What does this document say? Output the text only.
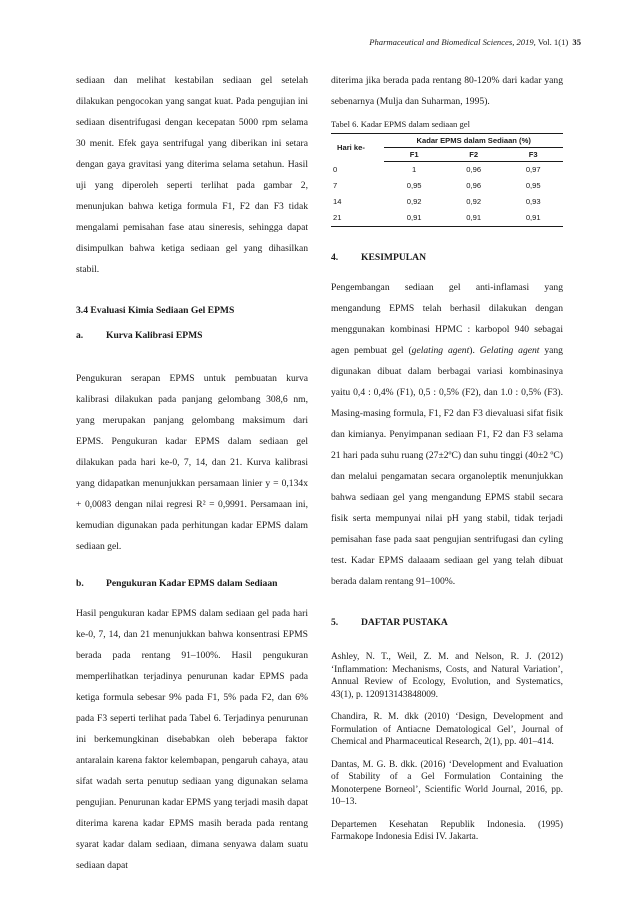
Pharmaceutical and Biomedical Sciences, 2019, Vol. 1(1) 35

sediaan dan melihat kestabilan sediaan gel setelah dilakukan pengocokan yang sangat kuat. Pada pengujian ini sediaan disentrifugasi dengan kecepatan 5000 rpm selama 30 menit. Efek gaya sentrifugal yang diberikan ini setara dengan gaya gravitasi yang diterima selama setahun. Hasil uji yang diperoleh seperti terlihat pada gambar 2, menunjukan bahwa ketiga formula F1, F2 dan F3 tidak mengalami pemisahan fase atau sineresis, sehingga dapat disimpulkan bahwa ketiga sediaan gel yang dihasilkan stabil.

3.4 Evaluasi Kimia Sediaan Gel EPMS

a. Kurva Kalibrasi EPMS

Pengukuran serapan EPMS untuk pembuatan kurva kalibrasi dilakukan pada panjang gelombang 308,6 nm, yang merupakan panjang gelombang maksimum dari EPMS. Pengukuran kadar EPMS dalam sediaan gel dilakukan pada hari ke-0, 7, 14, dan 21. Kurva kalibrasi yang didapatkan menunjukkan persamaan linier y = 0,134x + 0,0083 dengan nilai regresi R² = 0,9991. Persamaan ini, kemudian digunakan pada perhitungan kadar EPMS dalam sediaan gel.

b. Pengukuran Kadar EPMS dalam Sediaan

Hasil pengukuran kadar EPMS dalam sediaan gel pada hari ke-0, 7, 14, dan 21 menunjukkan bahwa konsentrasi EPMS berada pada rentang 91–100%. Hasil pengukuran memperlihatkan terjadinya penurunan kadar EPMS pada ketiga formula sebesar 9% pada F1, 5% pada F2, dan 6% pada F3 seperti terlihat pada Tabel 6. Terjadinya penurunan ini berkemungkinan disebabkan oleh beberapa faktor antaralain karena faktor kelembapan, pengaruh cahaya, atau sifat wadah serta penutup sediaan yang digunakan selama pengujian. Penurunan kadar EPMS yang terjadi masih dapat diterima karena kadar EPMS masih berada pada rentang syarat kadar dalam sediaan, dimana senyawa dalam suatu sediaan dapat

diterima jika berada pada rentang 80-120% dari kadar yang sebenarnya (Mulja dan Suharman, 1995).

Tabel 6. Kadar EPMS dalam sediaan gel

Hari ke-	Kadar EPMS dalam Sediaan (%)		
	F1	F2	F3
0	1	0,96	0,97
7	0,95	0,96	0,95
14	0,92	0,92	0,93
21	0,91	0,91	0,91

4. KESIMPULAN

Pengembangan sediaan gel anti-inflamasi yang mengandung EPMS telah berhasil dilakukan dengan menggunakan kombinasi HPMC : karbopol 940 sebagai agen pembuat gel (gelating agent). Gelating agent yang digunakan dibuat dalam berbagai variasi kombinasinya yaitu 0,4 : 0,4% (F1), 0,5 : 0,5% (F2), dan 1.0 : 0,5% (F3). Masing-masing formula, F1, F2 dan F3 dievaluasi sifat fisik dan kimianya. Penyimpanan sediaan F1, F2 dan F3 selama 21 hari pada suhu ruang (27±2ºC) dan suhu tinggi (40±2 ºC) dan melalui pengamatan secara organoleptik menunjukkan bahwa sediaan gel yang mengandung EPMS stabil secara fisik serta mempunyai nilai pH yang stabil, tidak terjadi pemisahan fase pada saat pengujian sentrifugasi dan cyling test. Kadar EPMS dalaaam sediaan gel yang telah dibuat berada dalam rentang 91–100%.

5. DAFTAR PUSTAKA

Ashley, N. T., Weil, Z. M. and Nelson, R. J. (2012) ‘Inflammation: Mechanisms, Costs, and Natural Variation’, Annual Review of Ecology, Evolution, and Systematics, 43(1), p. 120913143848009.

Chandira, R. M. dkk (2010) ‘Design, Development and Formulation of Antiacne Dematological Gel’, Journal of Chemical and Pharmaceutical Research, 2(1), pp. 401–414.

Dantas, M. G. B. dkk. (2016) ‘Development and Evaluation of Stability of a Gel Formulation Containing the Monoterpene Borneol’, Scientific World Journal, 2016, pp. 10–13.

Departemen Kesehatan Republik Indonesia. (1995) Farmakope Indonesia Edisi IV. Jakarta.
